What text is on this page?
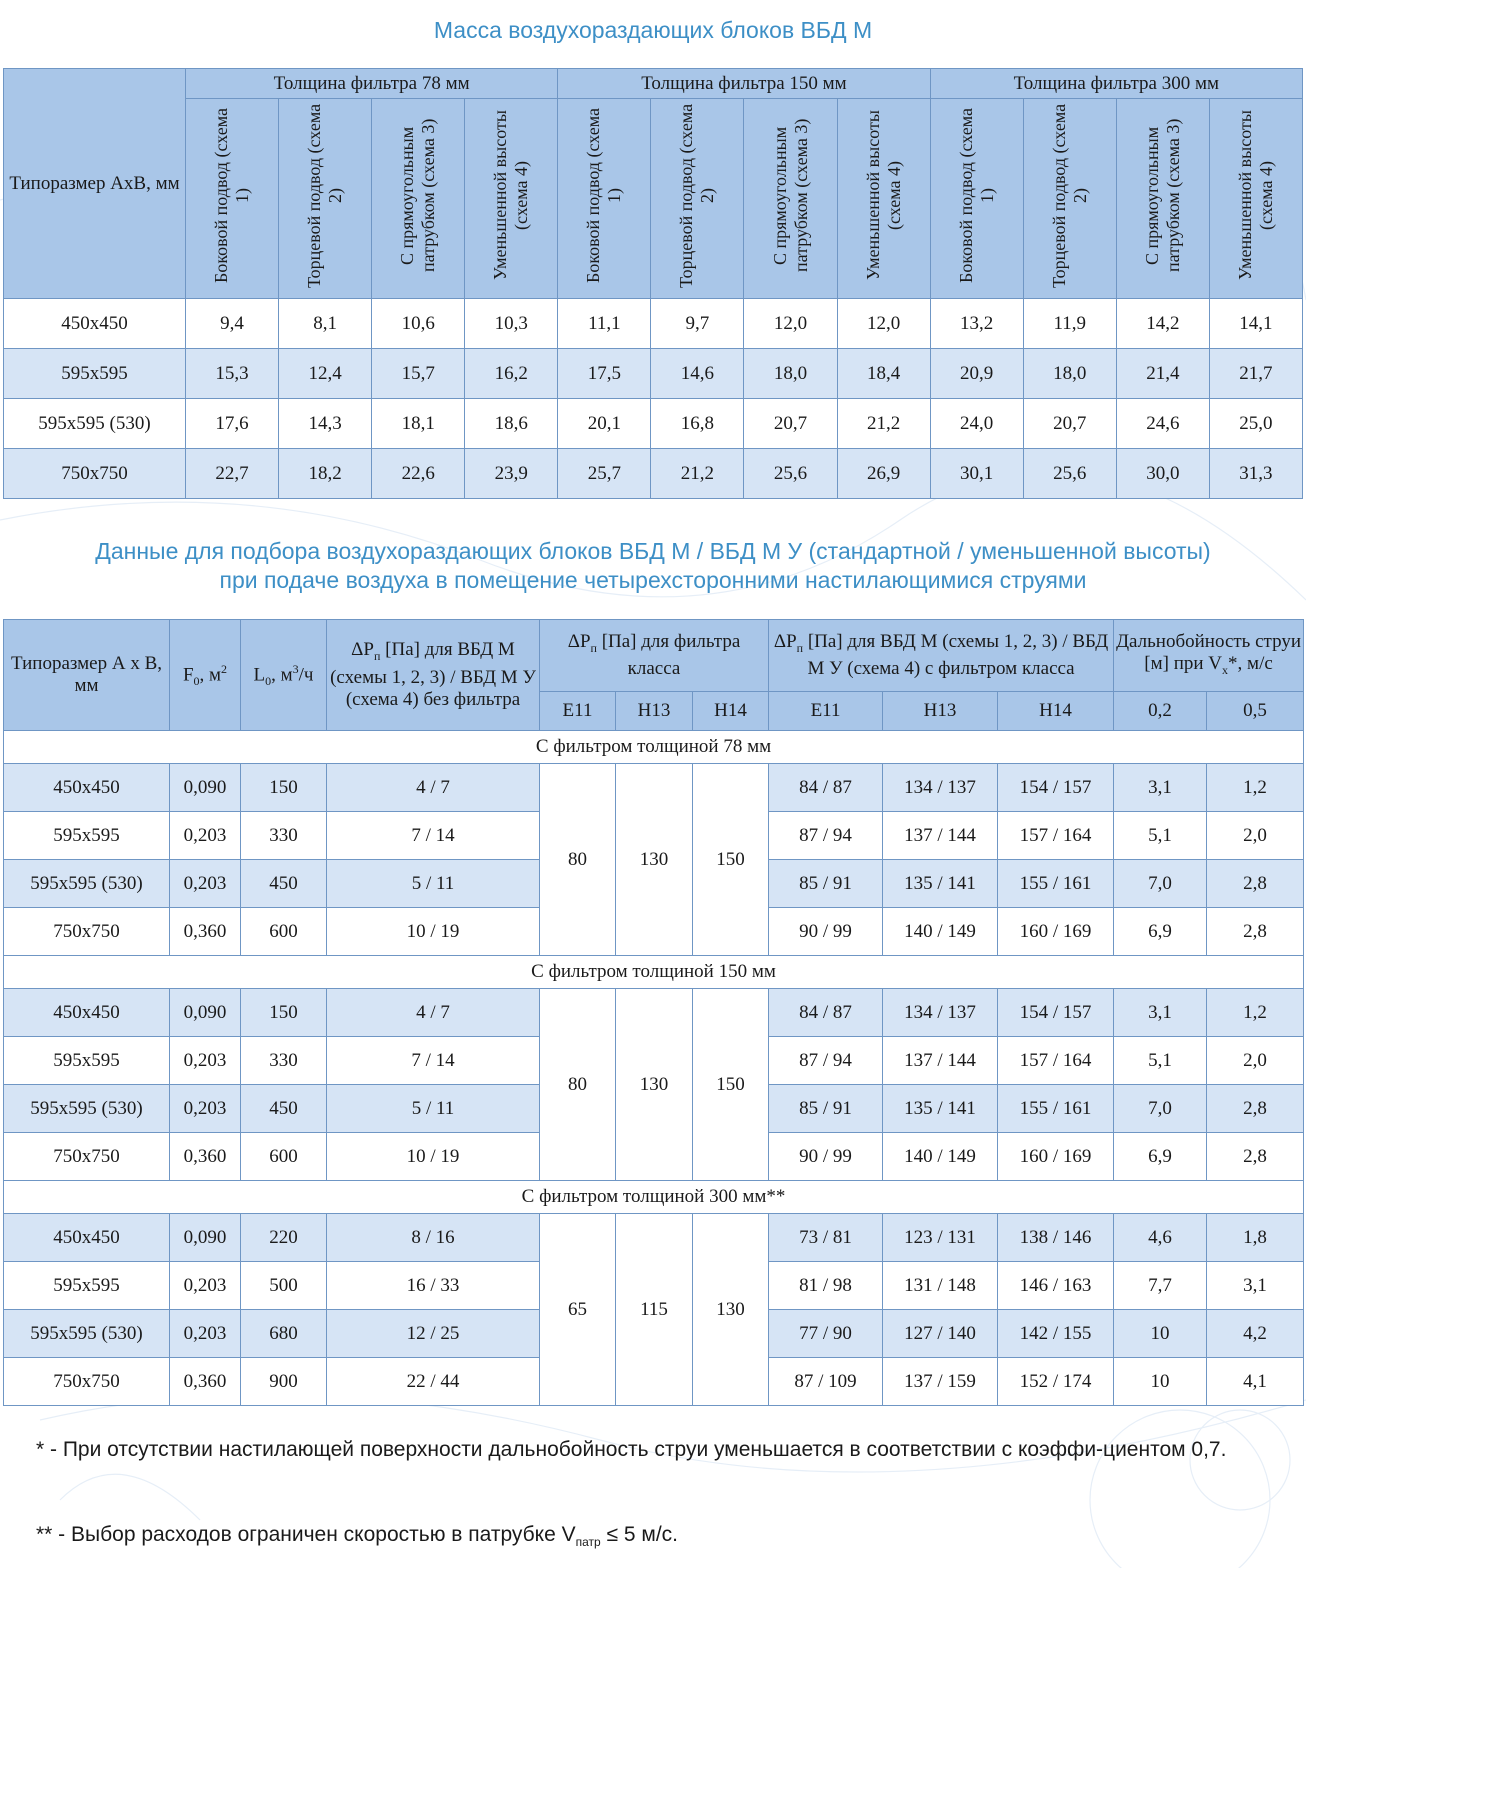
Масса воздухораздающих блоков ВБД М
Типоразмер АхВ, мм	Толщина фильтра 78 мм				Толщина фильтра 150 мм				Толщина фильтра 300 мм			
	Боковой подвод (схема 1)	Торцевой подвод (схема 2)	С прямоугольным патрубком (схема 3)	Уменьшенной высоты (схема 4)	Боковой подвод (схема 1)	Торцевой подвод (схема 2)	С прямоугольным патрубком (схема 3)	Уменьшенной высоты (схема 4)	Боковой подвод (схема 1)	Торцевой подвод (схема 2)	С прямоугольным патрубком (схема 3)	Уменьшенной высоты (схема 4)
450x450	9,4	8,1	10,6	10,3	11,1	9,7	12,0	12,0	13,2	11,9	14,2	14,1
595x595	15,3	12,4	15,7	16,2	17,5	14,6	18,0	18,4	20,9	18,0	21,4	21,7
595x595 (530)	17,6	14,3	18,1	18,6	20,1	16,8	20,7	21,2	24,0	20,7	24,6	25,0
750x750	22,7	18,2	22,6	23,9	25,7	21,2	25,6	26,9	30,1	25,6	30,0	31,3
Данные для подбора воздухораздающих блоков ВБД М / ВБД М У (стандартной / уменьшенной высоты)
при подаче воздуха в помещение четырехсторонними настилающимися струями
Типоразмер А х В, мм	$F_0$, $м^2$	$L_0$, $м^3/ч$	$\Delta P_п$ [Па] для ВБД М (схемы 1, 2, 3) / ВБД М У (схема 4) без фильтра	$\Delta P_п$ [Па] для фильтра класса			$\Delta P_п$ [Па] для ВБД М (схемы 1, 2, 3) / ВБД М У (схема 4) с фильтром класса			Дальнобойность струи [м] при $V_x*$, м/с	
				E11	H13	H14	E11	H13	H14	0,2	0,5
С фильтром толщиной 78 мм											
450x450	0,090	150	4 / 7	80	130	150	84 / 87	134 / 137	154 / 157	3,1	1,2
595x595	0,203	330	7 / 14				87 / 94	137 / 144	157 / 164	5,1	2,0
595x595 (530)	0,203	450	5 / 11				85 / 91	135 / 141	155 / 161	7,0	2,8
750x750	0,360	600	10 / 19				90 / 99	140 / 149	160 / 169	6,9	2,8
С фильтром толщиной 150 мм											
450x450	0,090	150	4 / 7	80	130	150	84 / 87	134 / 137	154 / 157	3,1	1,2
595x595	0,203	330	7 / 14				87 / 94	137 / 144	157 / 164	5,1	2,0
595x595 (530)	0,203	450	5 / 11				85 / 91	135 / 141	155 / 161	7,0	2,8
750x750	0,360	600	10 / 19				90 / 99	140 / 149	160 / 169	6,9	2,8
С фильтром толщиной 300 мм**											
450x450	0,090	220	8 / 16	65	115	130	73 / 81	123 / 131	138 / 146	4,6	1,8
595x595	0,203	500	16 / 33				81 / 98	131 / 148	146 / 163	7,7	3,1
595x595 (530)	0,203	680	12 / 25				77 / 90	127 / 140	142 / 155	10	4,2
750x750	0,360	900	22 / 44				87 / 109	137 / 159	152 / 174	10	4,1
* - При отсутствии настилающей поверхности дальнобойность струи уменьшается в соответствии с коэффи-циентом 0,7.
** - Выбор расходов ограничен скоростью в патрубке $V_{патр} \le 5$ м/с.
